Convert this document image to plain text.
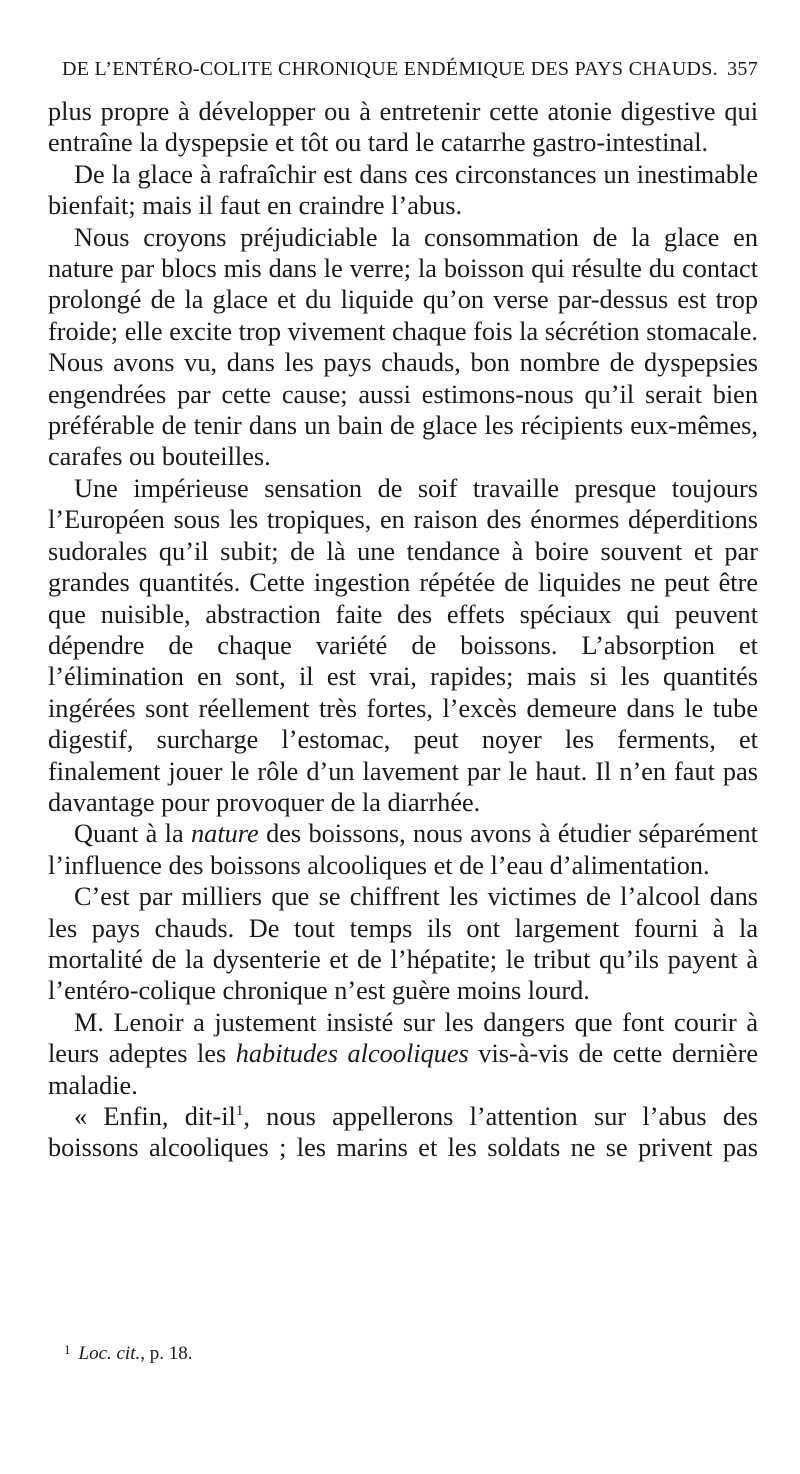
DE L’ENTÉRO-COLITE CHRONIQUE ENDÉMIQUE DES PAYS CHAUDS. 357

plus propre à développer ou à entretenir cette atonie digestive qui entraîne la dyspepsie et tôt ou tard le catarrhe gastro-intestinal.

De la glace à rafraîchir est dans ces circonstances un inestimable bienfait; mais il faut en craindre l’abus.

Nous croyons préjudiciable la consommation de la glace en nature par blocs mis dans le verre; la boisson qui résulte du contact prolongé de la glace et du liquide qu’on verse par-dessus est trop froide; elle excite trop vivement chaque fois la sécrétion stomacale. Nous avons vu, dans les pays chauds, bon nombre de dyspepsies engendrées par cette cause; aussi estimons-nous qu’il serait bien préférable de tenir dans un bain de glace les récipients eux-mêmes, carafes ou bouteilles.

Une impérieuse sensation de soif travaille presque toujours l’Européen sous les tropiques, en raison des énormes déperditions sudorales qu’il subit; de là une tendance à boire souvent et par grandes quantités. Cette ingestion répétée de liquides ne peut être que nuisible, abstraction faite des effets spéciaux qui peuvent dépendre de chaque variété de boissons. L’absorption et l’élimination en sont, il est vrai, rapides; mais si les quantités ingérées sont réellement très fortes, l’excès demeure dans le tube digestif, surcharge l’estomac, peut noyer les ferments, et finalement jouer le rôle d’un lavement par le haut. Il n’en faut pas davantage pour provoquer de la diarrhée.

Quant à la nature des boissons, nous avons à étudier séparément l’influence des boissons alcooliques et de l’eau d’alimentation.

C’est par milliers que se chiffrent les victimes de l’alcool dans les pays chauds. De tout temps ils ont largement fourni à la mortalité de la dysenterie et de l’hépatite; le tribut qu’ils payent à l’entéro-colique chronique n’est guère moins lourd.

M. Lenoir a justement insisté sur les dangers que font courir à leurs adeptes les habitudes alcooliques vis-à-vis de cette dernière maladie.

« Enfin, dit-$il^1$, nous appellerons l’attention sur l’abus des boissons alcooliques ; les marins et les soldats ne se privent pas

$^1$ Loc. cit., p. 18.
